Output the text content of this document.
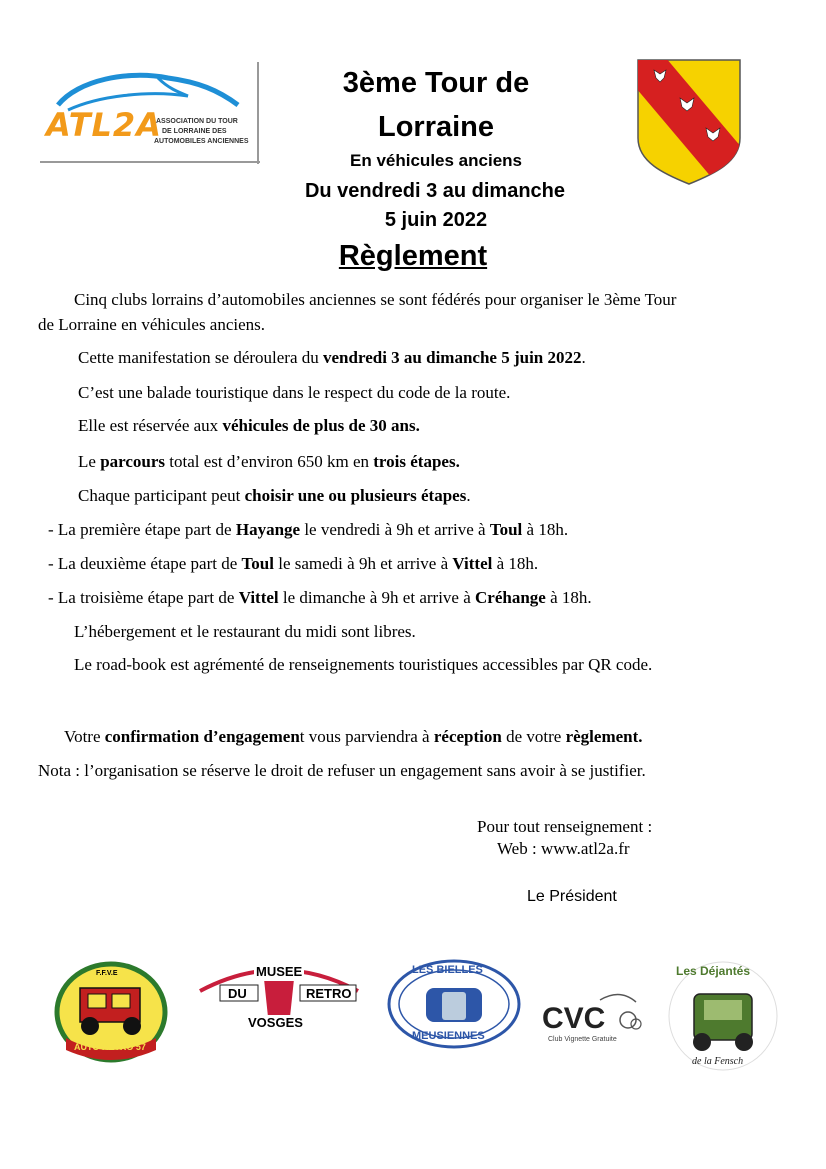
ATL2A
ASSOCIATION DU TOUR
DE LORRAINE DES
AUTOMOBILES ANCIENNES
3ème Tour de
Lorraine
En véhicules anciens
Du vendredi 3 au dimanche
5 juin 2022
Règlement
Cinq clubs lorrains d’automobiles anciennes se sont fédérés pour organiser le 3ème Tour
de Lorraine en véhicules anciens.
Cette manifestation se déroulera du vendredi 3 au dimanche 5 juin 2022.
C’est une balade touristique dans le respect du code de la route.
Elle est réservée aux véhicules de plus de 30 ans.
Le parcours total est d’environ 650 km en trois étapes.
Chaque participant peut choisir une ou plusieurs étapes.
- La première étape part de Hayange le vendredi à 9h et arrive à Toul à 18h.
- La deuxième étape part de Toul le samedi à 9h et arrive à Vittel à 18h.
- La troisième étape part de Vittel le dimanche à 9h et arrive à Créhange à 18h.
L’hébergement et le restaurant du midi sont libres.
Le road-book est agrémenté de renseignements touristiques accessibles par QR code.
Votre confirmation d’engagement vous parviendra à réception de votre règlement.
Nota : l’organisation se réserve le droit de refuser un engagement sans avoir à se justifier.
Pour tout renseignement :
Web : www.atl2a.fr
Le Président
F.F.V.E
AUTO RETRO 57
MUSEE
DU	RETRO
VOSGES
LES BIELLES
MEUSIENNES
CVC
Club Vignette Gratuite
Les Déjantés
de la Fensch
